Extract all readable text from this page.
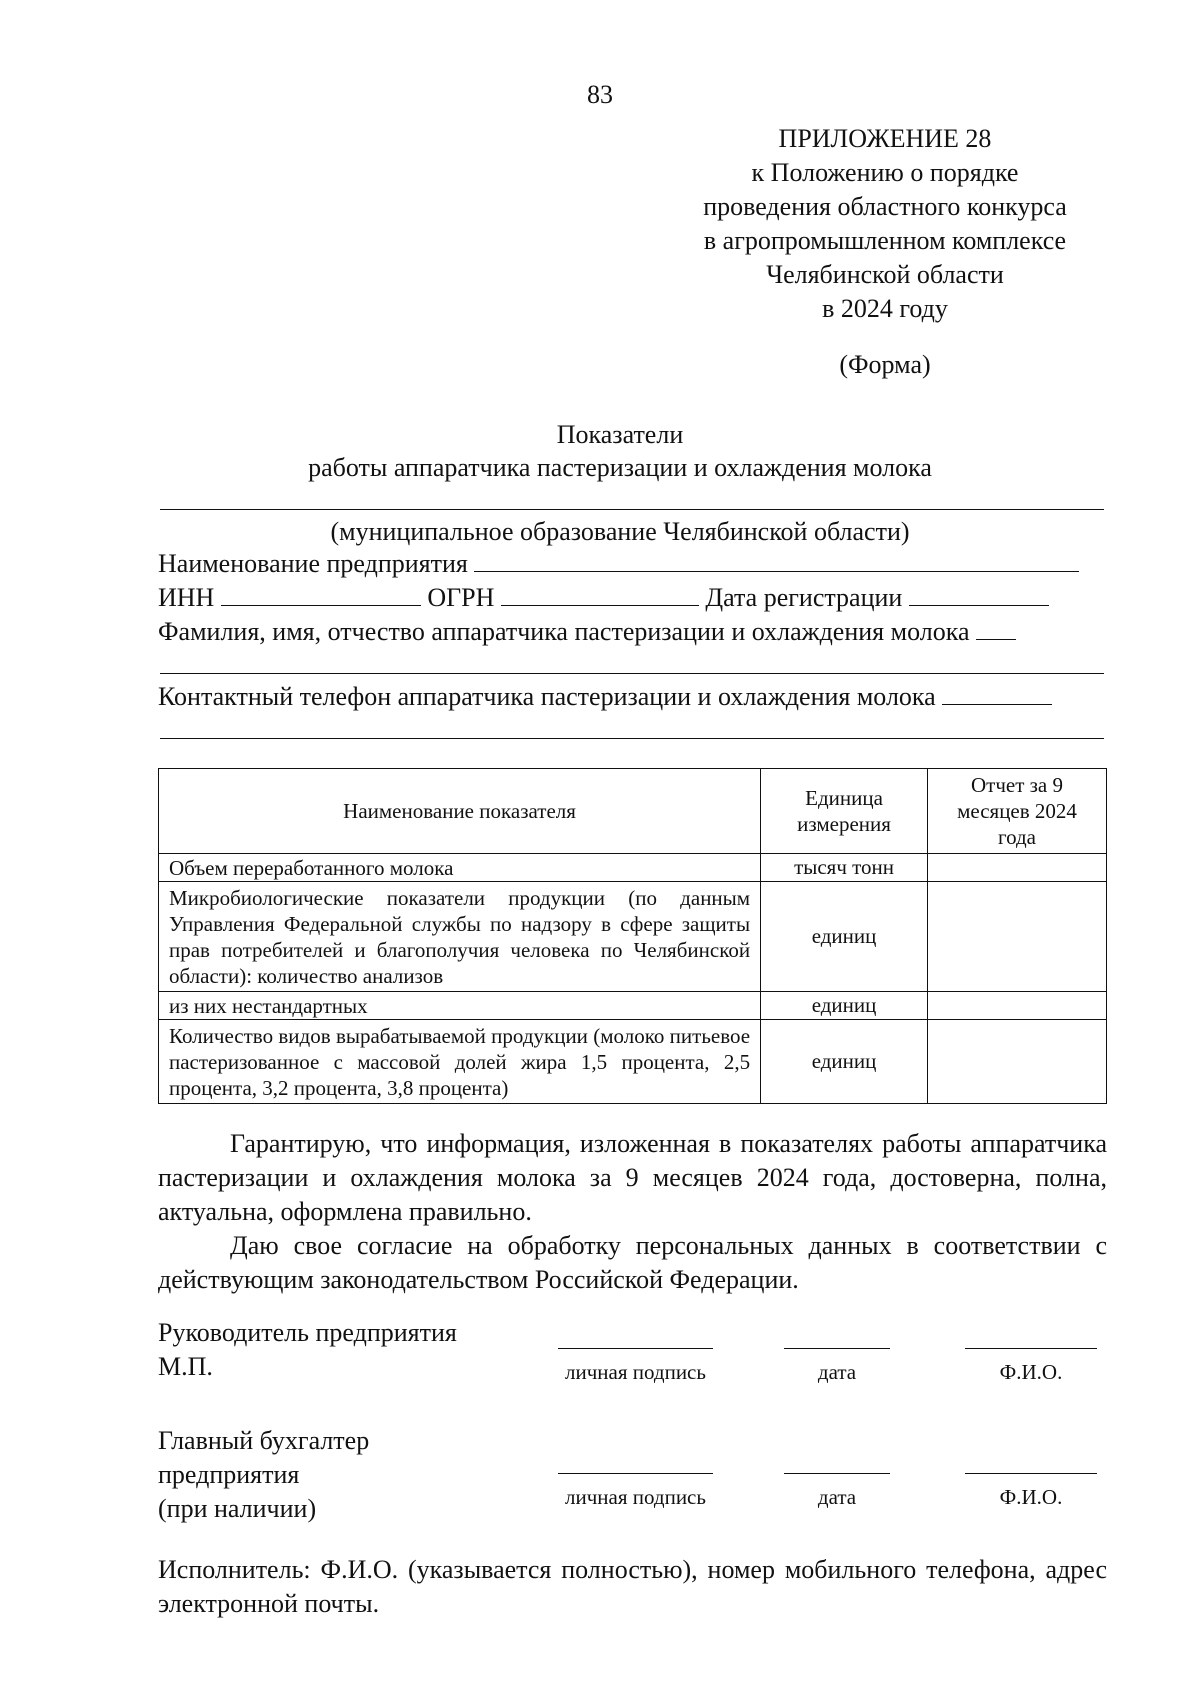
83
ПРИЛОЖЕНИЕ 28
к Положению о порядке
проведения областного конкурса
в агропромышленном комплексе
Челябинской области
в 2024 году
(Форма)
Показатели
работы аппаратчика пастеризации и охлаждения молока
(муниципальное образование Челябинской области)
Наименование предприятия
ИНН	ОГРН	Дата регистрации
Фамилия, имя, отчество аппаратчика пастеризации и охлаждения молока
Контактный телефон аппаратчика пастеризации и охлаждения молока
Наименование показателя	Единица измерения	Отчет за 9 месяцев 2024 года

Объем переработанного молока	тысяч тонн	
Микробиологические показатели продукции (по данным Управления Федеральной службы по надзору в сфере защиты прав потребителей и благополучия человека по Челябинской области): количество анализов	единиц	
из них нестандартных	единиц	
Количество видов вырабатываемой продукции (молоко питьевое пастеризованное с массовой долей жира 1,5 процента, 2,5 процента, 3,2 процента, 3,8 процента)	единиц	
Гарантирую, что информация, изложенная в показателях работы аппаратчика пастеризации и охлаждения молока за 9 месяцев 2024 года, достоверна, полна, актуальна, оформлена правильно.
Даю свое согласие на обработку персональных данных в соответствии с действующим законодательством Российской Федерации.
Руководитель предприятия
М.П.	личная подпись	дата	Ф.И.О.
Главный бухгалтер
предприятия
(при наличии)	личная подпись	дата	Ф.И.О.
Исполнитель: Ф.И.О. (указывается полностью), номер мобильного телефона, адрес электронной почты.
